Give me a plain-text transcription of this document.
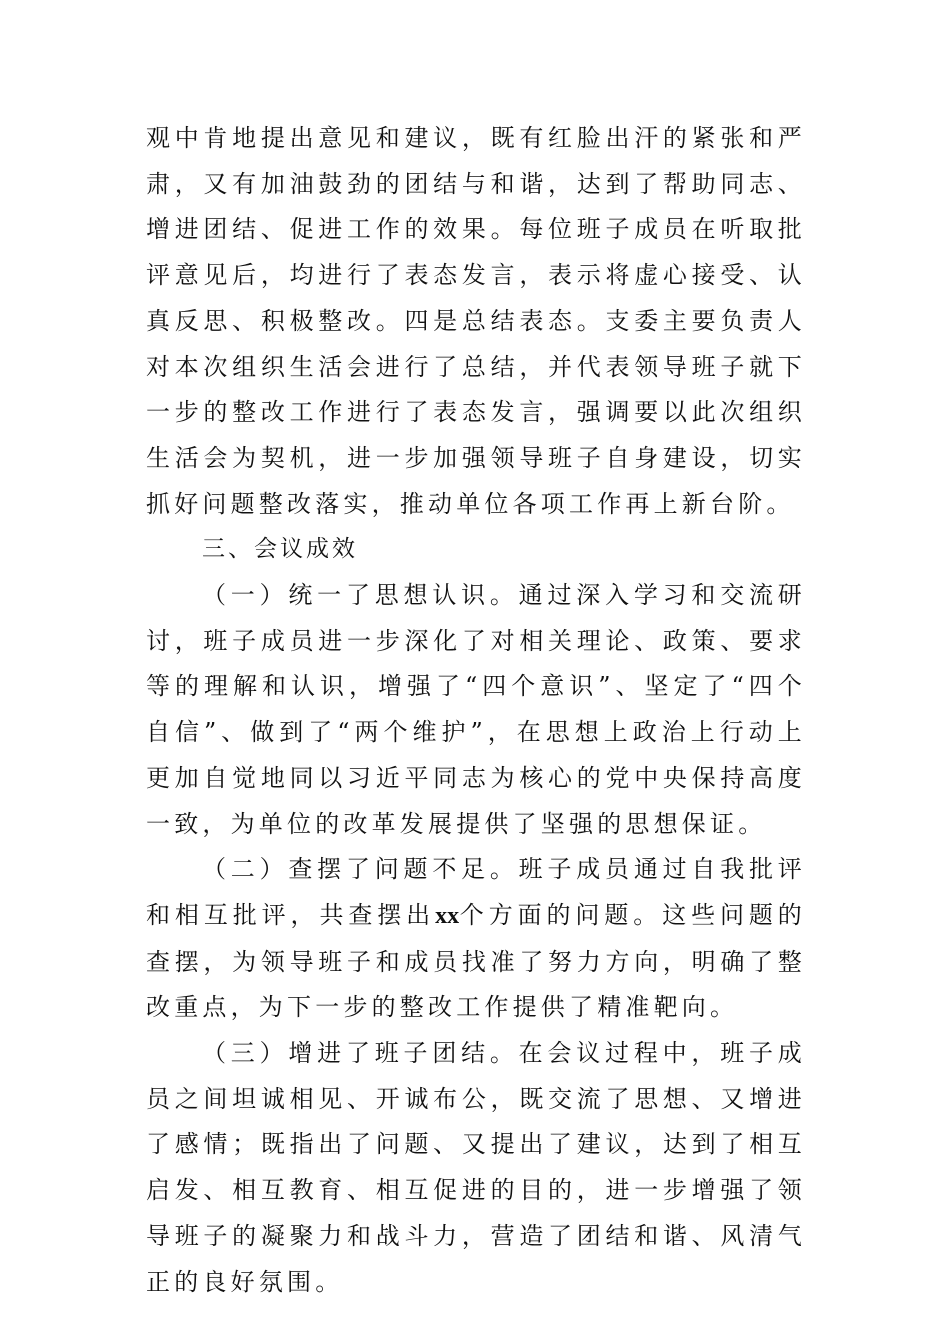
观中肯地提出意见和建议，既有红脸出汗的紧张和严肃，又有加油鼓劲的团结与和谐，达到了帮助同志、增进团结、促进工作的效果。每位班子成员在听取批评意见后，均进行了表态发言，表示将虚心接受、认真反思、积极整改。四是总结表态。支委主要负责人对本次组织生活会进行了总结，并代表领导班子就下一步的整改工作进行了表态发言，强调要以此次组织生活会为契机，进一步加强领导班子自身建设，切实抓好问题整改落实，推动单位各项工作再上新台阶。

三、会议成效

（一）统一了思想认识。通过深入学习和交流研讨，班子成员进一步深化了对相关理论、政策、要求等的理解和认识，增强了“四个意识”、坚定了“四个自信”、做到了“两个维护”，在思想上政治上行动上更加自觉地同以习近平同志为核心的党中央保持高度一致，为单位的改革发展提供了坚强的思想保证。

（二）查摆了问题不足。班子成员通过自我批评和相互批评，共查摆出xx个方面的问题。这些问题的查摆，为领导班子和成员找准了努力方向，明确了整改重点，为下一步的整改工作提供了精准靶向。

（三）增进了班子团结。在会议过程中，班子成员之间坦诚相见、开诚布公，既交流了思想、又增进了感情；既指出了问题、又提出了建议，达到了相互启发、相互教育、相互促进的目的，进一步增强了领导班子的凝聚力和战斗力，营造了团结和谐、风清气正的良好氛围。
